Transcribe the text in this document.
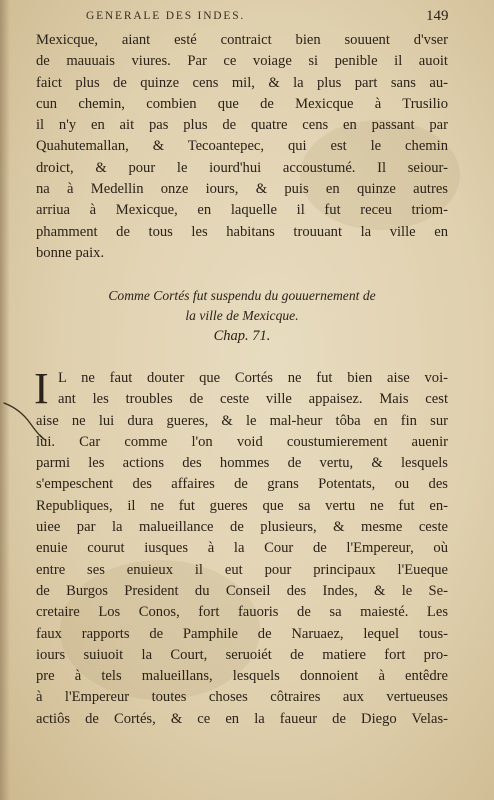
GENERALE DES INDES.	149
Mexicque, aiant esté contraict bien souuent d'vser
de mauuais viures. Par ce voiage si penible il auoit
faict plus de quinze cens mil, & la plus part sans au-
cun chemin, combien que de Mexicque à Trusilio
il n'y en ait pas plus de quatre cens en passant par
Quahutemallan, & Tecoantepec, qui est le chemin
droict, & pour le iourd'hui accoustumé. Il seiour-
na à Medellin onze iours, & puis en quinze autres
arriua à Mexicque, en laquelle il fut receu triom-
phamment de tous les habitans trouuant la ville en
bonne paix.
Comme Cortés fut suspendu du gouuernement de
la ville de Mexicque.
Chap. 71.
I L ne faut douter que Cortés ne fut bien aise voi-
ant les troubles de ceste ville appaisez. Mais cest
aise ne lui dura gueres, & le mal-heur tôba en fin sur
lui. Car comme l'on void coustumierement auenir
parmi les actions des hommes de vertu, & lesquels
s'empeschent des affaires de grans Potentats, ou des
Republiques, il ne fut gueres que sa vertu ne fut en-
uiee par la malueillance de plusieurs, & mesme ceste
enuie courut iusques à la Cour de l'Empereur, où
entre ses enuieux il eut pour principaux l'Eueque
de Burgos President du Conseil des Indes, & le Se-
cretaire Los Conos, fort fauoris de sa maiesté. Les
faux rapports de Pamphile de Naruaez, lequel tous-
iours suiuoit la Court, seruoiét de matiere fort pro-
pre à tels malueillans, lesquels donnoient à entêdre
à l'Empereur toutes choses côtraires aux vertueuses
actiôs de Cortés, & ce en la faueur de Diego Velas-
